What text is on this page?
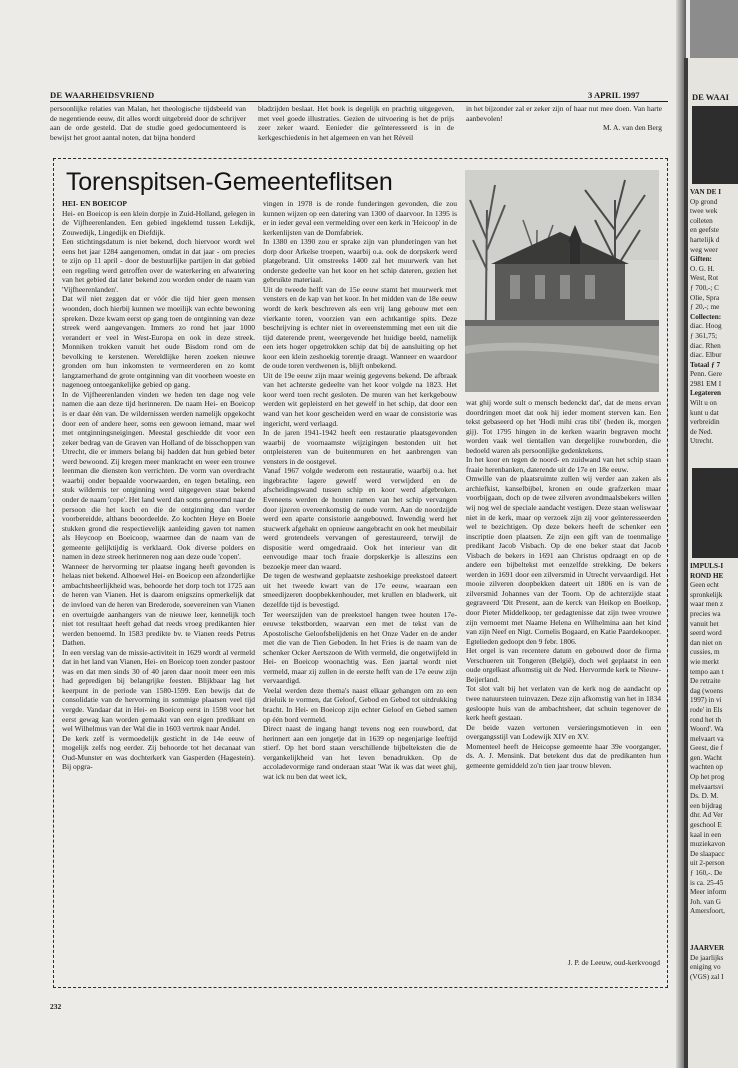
DE WAARHEIDSVRIEND	3 APRIL 1997

persoonlijke relaties van Malan, het theologische tijdsbeeld van de negentiende eeuw, dit alles wordt uitgebreid door de schrijver aan de orde gesteld. Dat de studie goed gedocumenteerd is bewijst het groot aantal noten, dat bijna honderd

bladzijden beslaat. Het boek is degelijk en prachtig uitgegeven, met veel goede illustraties. Gezien de uitvoering is het de prijs zeer zeker waard. Eenieder die geïnteresseerd is in de kerkgeschiedenis in het algemeen en van het Réveil

in het bijzonder zal er zeker zijn of haar nut mee doen. Van harte aanbevolen!

M. A. van den Berg

Torenspitsen-Gemeenteflitsen

HEI- EN BOEICOP

Hei- en Boeicop is een klein dorpje in Zuid-Holland, gelegen in de Vijfheerenlanden. Een gebied ingeklemd tussen Lekdijk, Zouwedijk, Lingedijk en Diefdijk.

Een stichtingsdatum is niet bekend, doch hiervoor wordt wel eens het jaar 1284 aangenomen, omdat in dat jaar - om precies te zijn op 11 april - door de bestuurlijke partijen in dat gebied een regeling werd getroffen over de waterkering en afwatering van het gebied dat later bekend zou worden onder de naam van 'Vijfheerenlanden'.

Dat wil niet zeggen dat er vóór die tijd hier geen mensen woonden, doch hierbij kunnen we moeilijk van echte bewoning spreken. Deze kwam eerst op gang toen de ontginning van deze streek werd aangevangen. Immers zo rond het jaar 1000 verandert er veel in West-Europa en ook in deze streek. Monniken trokken vanuit het oude Bisdom rond om de bevolking te kerstenen. Wereldlijke heren zoeken nieuwe gronden om hun inkomsten te vermeerderen en zo komt langzamerhand de grote ontginning van dit voorheen woeste en nagenoeg ontoegankelijke gebied op gang.

In de Vijfheerenlanden vinden we heden ten dage nog vele namen die aan deze tijd herinneren. De naam Hei- en Boeicop is er daar één van. De wildernissen werden namelijk opgekocht door een of andere heer, soms een gewoon iemand, maar wel met ontginningsneigingen. Meestal geschiedde dit voor een zeker bedrag van de Graven van Holland of de bisschoppen van Utrecht, die er immers belang bij hadden dat hun gebied beter werd bewoond. Zij kregen meer mankracht en weer een trouwe leenman die diensten kon verrichten. De vorm van overdracht waarbij onder bepaalde voorwaarden, en tegen betaling, een stuk wildernis ter ontginning werd uitgegeven staat bekend onder de naam 'cope'. Het land werd dan soms genoemd naar de persoon die het koch en die de ontginning dan verder voorbereidde, althans beoordeelde. Zo kochten Heye en Boeie stukken grond die respectievelijk aanleiding gaven tot namen als Heycoop en Boeicoop, waarmee dan de naam van de gemeente gelijktijdig is verklaard. Ook diverse polders en namen in deze streek herinneren nog aan deze oude 'copen'.

Wanneer de hervorming ter plaatse ingang heeft gevonden is helaas niet bekend. Alhoewel Hei- en Boeicop een afzonderlijke ambachtsheerlijkheid was, behoorde het dorp toch tot 1725 aan de heren van Vianen. Het is daarom enigszins opmerkelijk dat de invloed van de heren van Brederode, soevereinen van Vianen en overtuigde aanhangers van de nieuwe leer, kennelijk toch niet tot resultaat heeft gehad dat reeds vroeg predikanten hier werden benoemd. In 1583 predikte bv. te Vianen reeds Petrus Dathen.

In een verslag van de missie-activiteit in 1629 wordt al vermeld dat in het land van Vianen, Hei- en Boeicop toen zonder pastoor was en dat men sinds 30 of 40 jaren daar nooit meer een mis had gepredigen bij belangrijke feesten. Blijkbaar lag het keerpunt in de periode van 1580-1599. Een bewijs dat de consolidatie van de hervorming in sommige plaatsen veel tijd vergde. Vandaar dat in Hei- en Boeicop eerst in 1598 voor het eerst gewag kan worden gemaakt van een eigen predikant en wel Wilhelmus van der Wal die in 1603 vertrok naar Andel.

De kerk zelf is vermoedelijk gesticht in de 14e eeuw of mogelijk zelfs nog eerder. Zij behoorde tot het decanaat van Oud-Munster en was dochterkerk van Gasperden (Hagestein). Bij opgra-

vingen in 1978 is de ronde funderingen gevonden, die zou kunnen wijzen op een datering van 1300 of daarvoor. In 1395 is er in ieder geval een vermelding over een kerk in 'Heicoop' in de kerkenlijsten van de Domfabriek.

In 1380 en 1390 zou er sprake zijn van plunderingen van het dorp door Arkelse troepen, waarbij o.a. ook de dorpskerk werd platgebrand. Uit omstreeks 1400 zal het muurwerk van het onderste gedeelte van het koor en het schip dateren, gezien het gebruikte materiaal.

Uit de tweede helft van de 15e eeuw stamt het muurwerk met vensters en de kap van het koor. In het midden van de 18e eeuw wordt de kerk beschreven als een vrij lang gebouw met een vierkante toren, voorzien van een achtkantige spits. Deze beschrijving is echter niet in overeenstemming met een uit die tijd daterende prent, weergevende het huidige beeld, namelijk een iets hoger opgetrokken schip dat bij de aansluiting op het koor een klein zeshoekig torentje draagt. Wanneer en waardoor de oude toren verdwenen is, blijft onbekend.

Uit de 19e eeuw zijn maar weinig gegevens bekend. De afbraak van het achterste gedeelte van het koor volgde na 1823. Het koor werd toen recht gesloten. De muren van het kerkgebouw werden wit gepleisterd en het gewelf in het schip, dat door een wand van het koor gescheiden werd en waar de consistorie was ingericht, werd verlaagd.

In de jaren 1941-1942 heeft een restauratie plaatsgevonden waarbij de voornaamste wijzigingen bestonden uit het ontpleisteren van de buitenmuren en het aanbrengen van vensters in de oostgevel.

Vanaf 1967 volgde wederom een restauratie, waarbij o.a. het ingebrachte lagere gewelf werd verwijderd en de afscheidingswand tussen schip en koor werd afgebroken. Eveneens werden de houten ramen van het schip vervangen door ijzeren overeenkomstig de oude vorm. Aan de noordzijde werd een aparte consistorie aangebouwd. Inwendig werd het stucwerk afgehakt en opnieuw aangebracht en ook het meubilair werd grotendeels vervangen of gerestaureerd, terwijl de dispositie werd omgedraaid. Ook het interieur van dit eenvoudige maar toch fraaie dorpskerkje is alleszins een bezoekje meer dan waard.

De tegen de westwand geplaatste zeshoekige preekstoel dateert uit het tweede kwart van de 17e eeuw, waaraan een smeedijzeren doopbekkenhouder, met krullen en bladwerk, uit dezelfde tijd is bevestigd.

Ter weerszijden van de preekstoel hangen twee houten 17e-eeuwse tekstborden, waarvan een met de tekst van de Apostolische Geloofsbelijdenis en het Onze Vader en de ander met die van de Tien Geboden. In het Fries is de naam van de schenker Ocker Aertszoon de With vermeld, die ongetwijfeld in Hei- en Boeicop woonachtig was. Een jaartal wordt niet vermeld, maar zij zullen in de eerste helft van de 17e eeuw zijn vervaardigd.

Veelal werden deze thema's naast elkaar gehangen om zo een drieluik te vormen, dat Geloof, Gebod en Gebed tot uitdrukking bracht. In Hei- en Boeicop zijn echter Geloof en Gebed samen op één bord vermeld.

Direct naast de ingang hangt tevens nog een rouwbord, dat herinnert aan een jongetje dat in 1639 op negenjarige leeftijd stierf. Op het bord staan verschillende bijbelteksten die de vergankelijkheid van het leven benadrukken. Op de accoladevormige rand onderaan staat 'Wat ik was dat weet ghij, wat ick nu ben dat weet ick,

wat ghij worde sult o mensch bedenckt dat', dat de mens ervan doordringen moet dat ook hij ieder moment sterven kan. Een tekst gebaseerd op het 'Hodi mihi cras tibi' (heden ik, morgen gij). Tot 1795 hingen in de kerken waarin begraven mocht worden vaak wel tientallen van dergelijke rouwborden, die bedoeld waren als persoonlijke gedenktekens.

In het koor en tegen de noord- en zuidwand van het schip staan fraaie herenbanken, daterende uit de 17e en 18e eeuw.

Omwille van de plaatsruimte zullen wij verder aan zaken als archiefkist, kanselbijbel, kronen en oude grafzerken maar voorbijgaan, doch op de twee zilveren avondmaalsbekers willen wij nog wel de speciale aandacht vestigen. Deze staan weliswaar niet in de kerk, maar op verzoek zijn zij voor geïnteresseerden wel te bezichtigen. Op deze bekers heeft de schenker een inscriptie doen plaatsen. Ze zijn een gift van de toenmalige predikant Jacob Visbach. Op de ene beker staat dat Jacob Visbach de bekers in 1691 aan Christus opdraagt en op de andere een bijbeltekst met eenzelfde strekking. De bekers werden in 1691 door een zilversmid in Utrecht vervaardigd. Het mooie zilveren doopbekken dateert uit 1806 en is van de zilversmid Johannes van der Toorn. Op de achterzijde staat gegraveerd 'Dit Present, aan de kerck van Heikop en Boeikop, door Pieter Middelkoop, ter gedagtenisse dat zijn twee vrouwe zijn vernoemt met Naame Helena en Wilhelmina aan het kind van zijn Neef en Nigt. Cornelis Bogaard, en Katie Paardekooper. Egtelieden gedoopt den 9 febr. 1806.

Het orgel is van recentere datum en gebouwd door de firma Verschueren uit Tongeren (België), doch wel geplaatst in een oude orgelkast afkomstig uit de Ned. Hervormde kerk te Nieuw-Beijerland.

Tot slot valt bij het verlaten van de kerk nog de aandacht op twee natuursteen tuinvazen. Deze zijn afkomstig van het in 1834 gesloopte huis van de ambachtsheer, dat schuin tegenover de kerk heeft gestaan.

De beide vazen vertonen versieringsmotieven in een overgangsstijl van Lodewijk XIV en XV.

Momenteel heeft de Heicopse gemeente haar 39e voorganger, ds. A. J. Mensink. Dat betekent dus dat de predikanten hun gemeente gemiddeld zo'n tien jaar trouw bleven.

J. P. de Leeuw, oud-kerkvoogd
232
DE WAAI
VAN DE I
Op grond
twee wek
colleten
en geefste
hartelijk d
weg weer
Giften:
O. G. H.
West, Rot
ƒ 700,-; C
Olie, Spra
ƒ 20,-; me
Collecten:
diac. Hoog
ƒ 361,75;
diac. Rhen
diac. Elbur
Totaal ƒ 7
Penn. Gere
2981 EM I
Legateren
Wilt u on
kunt u dat
verbreidin
de Ned.
Utrecht.
IMPULS-I
ROND HE
Geen echt
spronkelijk
waar men z
precies wa
vanuit het
seerd word
dan niet on
cussies, m
wie merkt
tempo aan t
De retraite
dag (woens
1997) in vi
rode' in Els
rond het th
Woord'. Wa
melvaart va
Geest, die f
gen. Wacht
wachten op
Op het prog
melvaartsvi
Ds. D. M.
een bijdrag
dhr. Ad Ver
geschool E
kaal in een
muziekavon
De slaapacc
uit 2-person
ƒ 160,-. De
is ca. 25-45
Meer inform
Joh. van G
Amersfoort,
JAARVER
De jaarlijks
eniging vo
(VGS) zal I
